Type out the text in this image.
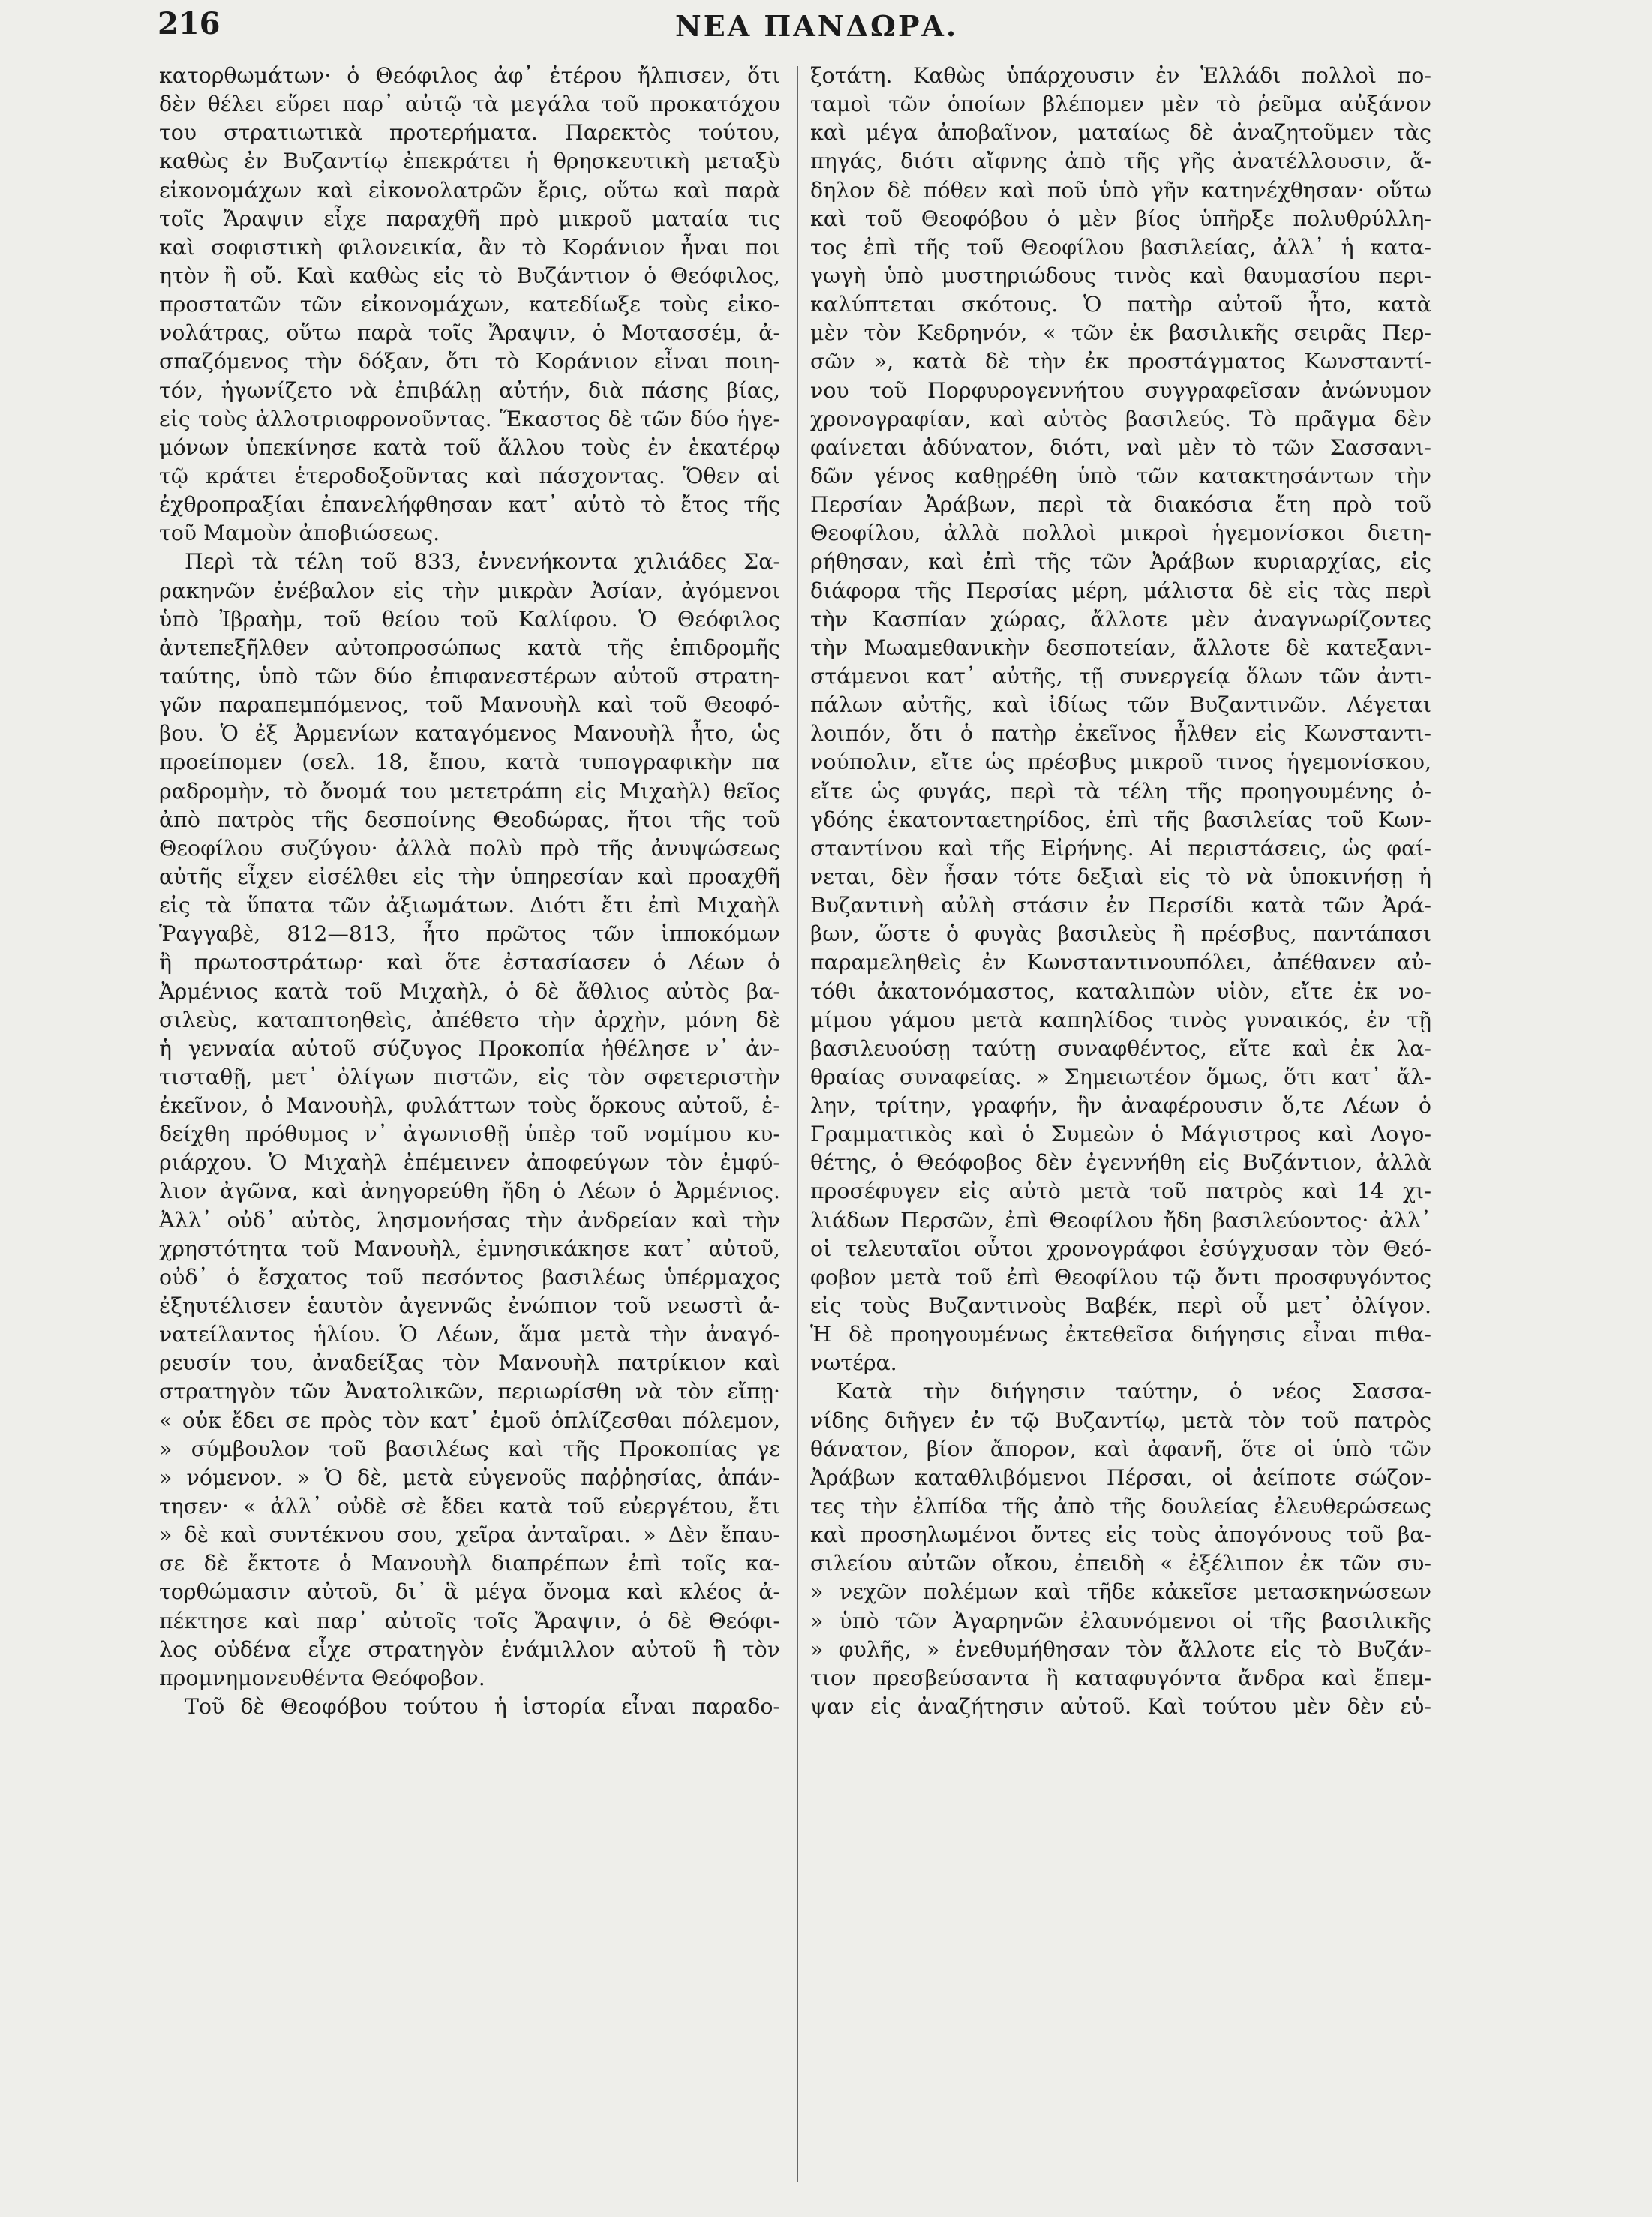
216	ΝΕΑ ΠΑΝΔΩΡΑ.
κατορθωμάτων· ὁ Θεόφιλος ἀφ᾽ ἑτέρου ἤλπισεν, ὅτι
δὲν θέλει εὕρει παρ᾽ αὐτῷ τὰ μεγάλα τοῦ προκατόχου
του στρατιωτικὰ προτερήματα. Παρεκτὸς τούτου,
καθὼς ἐν Βυζαντίῳ ἐπεκράτει ἡ θρησκευτικὴ μεταξὺ
εἰκονομάχων καὶ εἰκονολατρῶν ἔρις, οὕτω καὶ παρὰ
τοῖς Ἄραψιν εἶχε παραχθῆ πρὸ μικροῦ ματαία τις
καὶ σοφιστικὴ φιλονεικία, ἂν τὸ Κοράνιον ἦναι ποι
ητὸν ἢ οὔ. Καὶ καθὼς εἰς τὸ Βυζάντιον ὁ Θεόφιλος,
προστατῶν τῶν εἰκονομάχων, κατεδίωξε τοὺς εἰκο-
νολάτρας, οὕτω παρὰ τοῖς Ἄραψιν, ὁ Μοτασσέμ, ἀ-
σπαζόμενος τὴν δόξαν, ὅτι τὸ Κοράνιον εἶναι ποιη-
τόν, ἠγωνίζετο νὰ ἐπιβάλῃ αὐτήν, διὰ πάσης βίας,
εἰς τοὺς ἀλλοτριοφρονοῦντας. Ἕκαστος δὲ τῶν δύο ἡγε-
μόνων ὑπεκίνησε κατὰ τοῦ ἄλλου τοὺς ἐν ἑκατέρῳ
τῷ κράτει ἑτεροδοξοῦντας καὶ πάσχοντας. Ὅθεν αἱ
ἐχθροπραξίαι ἐπανελήφθησαν κατ᾽ αὐτὸ τὸ ἔτος τῆς
τοῦ Μαμοὺν ἀποβιώσεως.
Περὶ τὰ τέλη τοῦ 833, ἐννενήκοντα χιλιάδες Σα-
ρακηνῶν ἐνέβαλον εἰς τὴν μικρὰν Ἀσίαν, ἀγόμενοι
ὑπὸ Ἰβραὴμ, τοῦ θείου τοῦ Καλίφου. Ὁ Θεόφιλος
ἀντεπεξῆλθεν αὐτοπροσώπως κατὰ τῆς ἐπιδρομῆς
ταύτης, ὑπὸ τῶν δύο ἐπιφανεστέρων αὐτοῦ στρατη-
γῶν παραπεμπόμενος, τοῦ Μανουὴλ καὶ τοῦ Θεοφό-
βου. Ὁ ἐξ Ἀρμενίων καταγόμενος Μανουὴλ ἦτο, ὡς
προείπομεν (σελ. 18, ἔπου, κατὰ τυπογραφικὴν πα
ραδρομὴν, τὸ ὄνομά του μετετράπη εἰς Μιχαὴλ) θεῖος
ἀπὸ πατρὸς τῆς δεσποίνης Θεοδώρας, ἤτοι τῆς τοῦ
Θεοφίλου συζύγου· ἀλλὰ πολὺ πρὸ τῆς ἀνυψώσεως
αὐτῆς εἶχεν εἰσέλθει εἰς τὴν ὑπηρεσίαν καὶ προαχθῆ
εἰς τὰ ὕπατα τῶν ἀξιωμάτων. Διότι ἔτι ἐπὶ Μιχαὴλ
Ῥαγγαβὲ, 812—813, ἦτο πρῶτος τῶν ἱπποκόμων
ἢ πρωτοστράτωρ· καὶ ὅτε ἐστασίασεν ὁ Λέων ὁ
Ἀρμένιος κατὰ τοῦ Μιχαὴλ, ὁ δὲ ἄθλιος αὐτὸς βα-
σιλεὺς, καταπτοηθεὶς, ἀπέθετο τὴν ἀρχὴν, μόνη δὲ
ἡ γενναία αὐτοῦ σύζυγος Προκοπία ἠθέλησε ν᾽ ἀν-
τισταθῇ, μετ᾽ ὀλίγων πιστῶν, εἰς τὸν σφετεριστὴν
ἐκεῖνον, ὁ Μανουὴλ, φυλάττων τοὺς ὅρκους αὐτοῦ, ἐ-
δείχθη πρόθυμος ν᾽ ἀγωνισθῇ ὑπὲρ τοῦ νομίμου κυ-
ριάρχου. Ὁ Μιχαὴλ ἐπέμεινεν ἀποφεύγων τὸν ἐμφύ-
λιον ἀγῶνα, καὶ ἀνηγορεύθη ἤδη ὁ Λέων ὁ Ἀρμένιος.
Ἀλλ᾽ οὐδ᾽ αὐτὸς, λησμονήσας τὴν ἀνδρείαν καὶ τὴν
χρηστότητα τοῦ Μανουὴλ, ἐμνησικάκησε κατ᾽ αὐτοῦ,
οὐδ᾽ ὁ ἔσχατος τοῦ πεσόντος βασιλέως ὑπέρμαχος
ἐξηυτέλισεν ἑαυτὸν ἀγεννῶς ἐνώπιον τοῦ νεωστὶ ἀ-
νατείλαντος ἡλίου. Ὁ Λέων, ἅμα μετὰ τὴν ἀναγό-
ρευσίν του, ἀναδείξας τὸν Μανουὴλ πατρίκιον καὶ
στρατηγὸν τῶν Ἀνατολικῶν, περιωρίσθη νὰ τὸν εἴπῃ·
« οὐκ ἔδει σε πρὸς τὸν κατ᾽ ἐμοῦ ὁπλίζεσθαι πόλεμον,
» σύμβουλον τοῦ βασιλέως καὶ τῆς Προκοπίας γε
» νόμενον. » Ὁ δὲ, μετὰ εὐγενοῦς παῤῥησίας, ἀπάν-
τησεν· « ἀλλ᾽ οὐδὲ σὲ ἔδει κατὰ τοῦ εὐεργέτου, ἔτι
» δὲ καὶ συντέκνου σου, χεῖρα ἀνταῖραι. » Δὲν ἔπαυ-
σε δὲ ἔκτοτε ὁ Μανουὴλ διαπρέπων ἐπὶ τοῖς κα-
τορθώμασιν αὐτοῦ, δι᾽ ἃ μέγα ὄνομα καὶ κλέος ἀ-
πέκτησε καὶ παρ᾽ αὐτοῖς τοῖς Ἄραψιν, ὁ δὲ Θεόφι-
λος οὐδένα εἶχε στρατηγὸν ἐνάμιλλον αὐτοῦ ἢ τὸν
προμνημονευθέντα Θεόφοβον.
Τοῦ δὲ Θεοφόβου τούτου ἡ ἱστορία εἶναι παραδο-
ξοτάτη. Καθὼς ὑπάρχουσιν ἐν Ἑλλάδι πολλοὶ πο-
ταμοὶ τῶν ὁποίων βλέπομεν μὲν τὸ ῥεῦμα αὐξάνον
καὶ μέγα ἀποβαῖνον, ματαίως δὲ ἀναζητοῦμεν τὰς
πηγάς, διότι αἴφνης ἀπὸ τῆς γῆς ἀνατέλλουσιν, ἄ-
δηλον δὲ πόθεν καὶ ποῦ ὑπὸ γῆν κατηνέχθησαν· οὕτω
καὶ τοῦ Θεοφόβου ὁ μὲν βίος ὑπῆρξε πολυθρύλλη-
τος ἐπὶ τῆς τοῦ Θεοφίλου βασιλείας, ἀλλ᾽ ἡ κατα-
γωγὴ ὑπὸ μυστηριώδους τινὸς καὶ θαυμασίου περι-
καλύπτεται σκότους. Ὁ πατὴρ αὐτοῦ ἦτο, κατὰ
μὲν τὸν Κεδρηνόν, « τῶν ἐκ βασιλικῆς σειρᾶς Περ-
σῶν », κατὰ δὲ τὴν ἐκ προστάγματος Κωνσταντί-
νου τοῦ Πορφυρογεννήτου συγγραφεῖσαν ἀνώνυμον
χρονογραφίαν, καὶ αὐτὸς βασιλεύς. Τὸ πρᾶγμα δὲν
φαίνεται ἀδύνατον, διότι, ναὶ μὲν τὸ τῶν Σασσανι-
δῶν γένος καθῃρέθη ὑπὸ τῶν κατακτησάντων τὴν
Περσίαν Ἀράβων, περὶ τὰ διακόσια ἔτη πρὸ τοῦ
Θεοφίλου, ἀλλὰ πολλοὶ μικροὶ ἡγεμονίσκοι διετη-
ρήθησαν, καὶ ἐπὶ τῆς τῶν Ἀράβων κυριαρχίας, εἰς
διάφορα τῆς Περσίας μέρη, μάλιστα δὲ εἰς τὰς περὶ
τὴν Κασπίαν χώρας, ἄλλοτε μὲν ἀναγνωρίζοντες
τὴν Μωαμεθανικὴν δεσποτείαν, ἄλλοτε δὲ κατεξανι-
στάμενοι κατ᾽ αὐτῆς, τῇ συνεργείᾳ ὅλων τῶν ἀντι-
πάλων αὐτῆς, καὶ ἰδίως τῶν Βυζαντινῶν. Λέγεται
λοιπόν, ὅτι ὁ πατὴρ ἐκεῖνος ἦλθεν εἰς Κωνσταντι-
νούπολιν, εἴτε ὡς πρέσβυς μικροῦ τινος ἡγεμονίσκου,
εἴτε ὡς φυγάς, περὶ τὰ τέλη τῆς προηγουμένης ὀ-
γδόης ἑκατονταετηρίδος, ἐπὶ τῆς βασιλείας τοῦ Κων-
σταντίνου καὶ τῆς Εἰρήνης. Αἱ περιστάσεις, ὡς φαί-
νεται, δὲν ἦσαν τότε δεξιαὶ εἰς τὸ νὰ ὑποκινήσῃ ἡ
Βυζαντινὴ αὐλὴ στάσιν ἐν Περσίδι κατὰ τῶν Ἀρά-
βων, ὥστε ὁ φυγὰς βασιλεὺς ἢ πρέσβυς, παντάπασι
παραμεληθεὶς ἐν Κωνσταντινουπόλει, ἀπέθανεν αὐ-
τόθι ἀκατονόμαστος, καταλιπὼν υἱὸν, εἴτε ἐκ νο-
μίμου γάμου μετὰ καπηλίδος τινὸς γυναικός, ἐν τῇ
βασιλευούσῃ ταύτῃ συναφθέντος, εἴτε καὶ ἐκ λα-
θραίας συναφείας. » Σημειωτέον ὅμως, ὅτι κατ᾽ ἄλ-
λην, τρίτην, γραφήν, ἣν ἀναφέρουσιν ὅ,τε Λέων ὁ
Γραμματικὸς καὶ ὁ Συμεὼν ὁ Μάγιστρος καὶ Λογο-
θέτης, ὁ Θεόφοβος δὲν ἐγεννήθη εἰς Βυζάντιον, ἀλλὰ
προσέφυγεν εἰς αὐτὸ μετὰ τοῦ πατρὸς καὶ 14 χι-
λιάδων Περσῶν, ἐπὶ Θεοφίλου ἤδη βασιλεύοντος· ἀλλ᾽
οἱ τελευταῖοι οὗτοι χρονογράφοι ἐσύγχυσαν τὸν Θεό-
φοβον μετὰ τοῦ ἐπὶ Θεοφίλου τῷ ὄντι προσφυγόντος
εἰς τοὺς Βυζαντινοὺς Βαβέκ, περὶ οὗ μετ᾽ ὀλίγον.
Ἡ δὲ προηγουμένως ἐκτεθεῖσα διήγησις εἶναι πιθα-
νωτέρα.
Κατὰ τὴν διήγησιν ταύτην, ὁ νέος Σασσα-
νίδης διῆγεν ἐν τῷ Βυζαντίῳ, μετὰ τὸν τοῦ πατρὸς
θάνατον, βίον ἄπορον, καὶ ἀφανῆ, ὅτε οἱ ὑπὸ τῶν
Ἀράβων καταθλιβόμενοι Πέρσαι, οἱ ἀείποτε σώζον-
τες τὴν ἐλπίδα τῆς ἀπὸ τῆς δουλείας ἐλευθερώσεως
καὶ προσηλωμένοι ὄντες εἰς τοὺς ἀπογόνους τοῦ βα-
σιλείου αὐτῶν οἴκου, ἐπειδὴ « ἐξέλιπον ἐκ τῶν συ-
» νεχῶν πολέμων καὶ τῆδε κἀκεῖσε μετασκηνώσεων
» ὑπὸ τῶν Ἀγαρηνῶν ἐλαυνόμενοι οἱ τῆς βασιλικῆς
» φυλῆς, » ἐνεθυμήθησαν τὸν ἄλλοτε εἰς τὸ Βυζάν-
τιον πρεσβεύσαντα ἢ καταφυγόντα ἄνδρα καὶ ἔπεμ-
ψαν εἰς ἀναζήτησιν αὐτοῦ. Καὶ τούτου μὲν δὲν εὑ-
